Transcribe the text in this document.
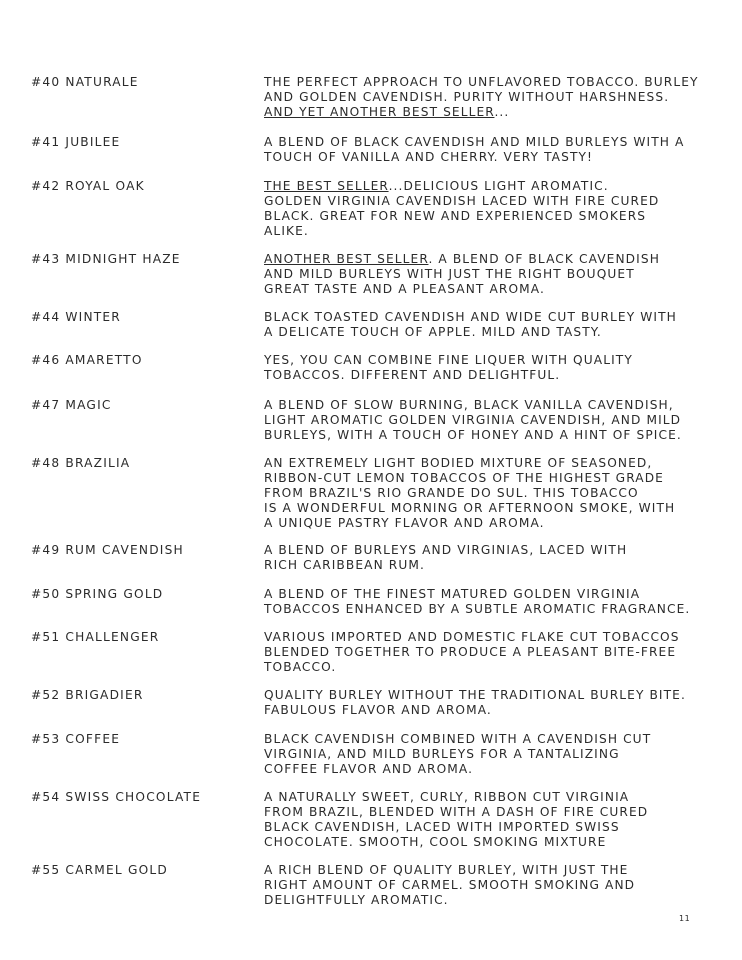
#40 NATURALE	THE PERFECT APPROACH TO UNFLAVORED TOBACCO. BURLEY
AND GOLDEN CAVENDISH. PURITY WITHOUT HARSHNESS.
AND YET ANOTHER BEST SELLER...
#41 JUBILEE	A BLEND OF BLACK CAVENDISH AND MILD BURLEYS WITH A
TOUCH OF VANILLA AND CHERRY. VERY TASTY!
#42 ROYAL OAK	THE BEST SELLER...DELICIOUS LIGHT AROMATIC.
GOLDEN VIRGINIA CAVENDISH LACED WITH FIRE CURED
BLACK. GREAT FOR NEW AND EXPERIENCED SMOKERS
ALIKE.
#43 MIDNIGHT HAZE	ANOTHER BEST SELLER. A BLEND OF BLACK CAVENDISH
AND MILD BURLEYS WITH JUST THE RIGHT BOUQUET
GREAT TASTE AND A PLEASANT AROMA.
#44 WINTER	BLACK TOASTED CAVENDISH AND WIDE CUT BURLEY WITH
A DELICATE TOUCH OF APPLE. MILD AND TASTY.
#46 AMARETTO	YES, YOU CAN COMBINE FINE LIQUER WITH QUALITY
TOBACCOS. DIFFERENT AND DELIGHTFUL.
#47 MAGIC	A BLEND OF SLOW BURNING, BLACK VANILLA CAVENDISH,
LIGHT AROMATIC GOLDEN VIRGINIA CAVENDISH, AND MILD
BURLEYS, WITH A TOUCH OF HONEY AND A HINT OF SPICE.
#48 BRAZILIA	AN EXTREMELY LIGHT BODIED MIXTURE OF SEASONED,
RIBBON-CUT LEMON TOBACCOS OF THE HIGHEST GRADE
FROM BRAZIL'S RIO GRANDE DO SUL. THIS TOBACCO
IS A WONDERFUL MORNING OR AFTERNOON SMOKE, WITH
A UNIQUE PASTRY FLAVOR AND AROMA.
#49 RUM CAVENDISH	A BLEND OF BURLEYS AND VIRGINIAS, LACED WITH
RICH CARIBBEAN RUM.
#50 SPRING GOLD	A BLEND OF THE FINEST MATURED GOLDEN VIRGINIA
TOBACCOS ENHANCED BY A SUBTLE AROMATIC FRAGRANCE.
#51 CHALLENGER	VARIOUS IMPORTED AND DOMESTIC FLAKE CUT TOBACCOS
BLENDED TOGETHER TO PRODUCE A PLEASANT BITE-FREE
TOBACCO.
#52 BRIGADIER	QUALITY BURLEY WITHOUT THE TRADITIONAL BURLEY BITE.
FABULOUS FLAVOR AND AROMA.
#53 COFFEE	BLACK CAVENDISH COMBINED WITH A CAVENDISH CUT
VIRGINIA, AND MILD BURLEYS FOR A TANTALIZING
COFFEE FLAVOR AND AROMA.
#54 SWISS CHOCOLATE	A NATURALLY SWEET, CURLY, RIBBON CUT VIRGINIA
FROM BRAZIL, BLENDED WITH A DASH OF FIRE CURED
BLACK CAVENDISH, LACED WITH IMPORTED SWISS
CHOCOLATE. SMOOTH, COOL SMOKING MIXTURE
#55 CARMEL GOLD	A RICH BLEND OF QUALITY BURLEY, WITH JUST THE
RIGHT AMOUNT OF CARMEL. SMOOTH SMOKING AND
DELIGHTFULLY AROMATIC.
11
